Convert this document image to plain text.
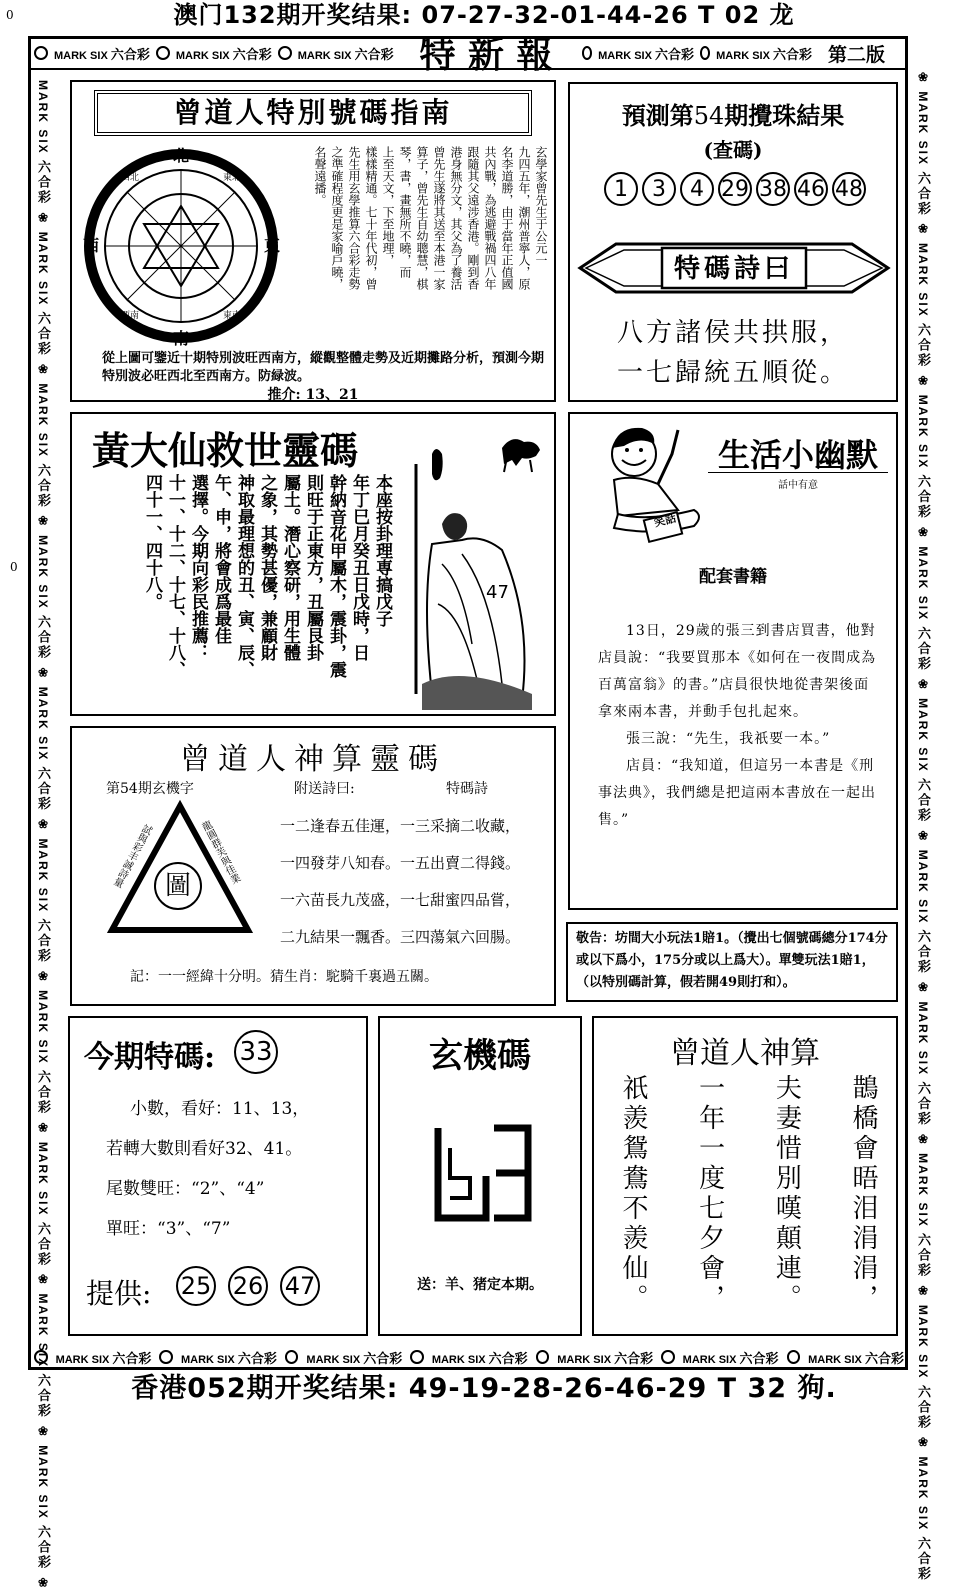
澳门132期开奖结果: 07-27-32-01-44-26 T 02 龙
香港052期开奖结果: 49-19-28-26-46-29 T 32 狗.
0
0
MARK SIX 六合彩 MARK SIX 六合彩 MARK SIX 六合彩 特 新 報	MARK SIX 六合彩 MARK SIX 六合彩 第二版
MARK SIX 六合彩 ❀ MARK SIX 六合彩 ❀ MARK SIX 六合彩 ❀ MARK SIX 六合彩 ❀ MARK SIX 六合彩 ❀ MARK SIX 六合彩 ❀ MARK SIX 六合彩 ❀ MARK SIX 六合彩 ❀ MARK SIX 六合彩 ❀ MARK SIX 六合彩 ❀
❀ MARK SIX 六合彩 ❀ MARK SIX 六合彩 ❀ MARK SIX 六合彩 ❀ MARK SIX 六合彩 ❀ MARK SIX 六合彩 ❀ MARK SIX 六合彩 ❀ MARK SIX 六合彩 ❀ MARK SIX 六合彩 ❀ MARK SIX 六合彩 ❀ MARK SIX 六合彩
MARK SIX 六合彩	MARK SIX 六合彩	MARK SIX 六合彩	MARK SIX 六合彩	MARK SIX 六合彩	MARK SIX 六合彩	MARK SIX 六合彩
曾道人特別號碼指南
北
南
東
西
東北
西北
東南
西南
玄學家曾先生于公元一
九四五年，潮州普寧人，原
名李道勝，由于當年正值國
共內戰，為逃避戰禍四八年
跟隨其父遠涉香港。剛到香
港身無分文，其父為了養活
曾先生遂將其送至本港一家
算子，曾先生自幼聰慧，棋
琴，書，畫無所不曉，而
上至天文，下至地理，
樣樣精通。七十年代初，曾
先生用玄學推算六合彩走勢
之準確程度更是家喻戶曉，
名聲遠播。
從上圖可鑒近十期特別波旺西南方，縱觀整體走勢及近期攤路分析，預測今期特別波必旺西北至西南方。防緑波。
推介: 13、21
預測第54期攪珠結果
(查碼)
1 3 4 29 38 46 48
特碼詩曰
八方諸侯共拱服，
一七歸統五順從。
黃大仙救世靈碼
本座按卦理専搞戊子
年丁巳月癸丑日戊時，日
幹納音花甲屬木，震卦，震
則旺于正東方，丑屬艮卦
屬土。潛心察研，用生體
之象，其勢甚優，兼顧財
神取最理想的丑、寅、辰、
午、申，將會成爲最佳
選擇。今期向彩民推薦：
十一、十二、十七、十八、
四十一、四十八。	47
笑話
生活小幽默
話中有意
配套書籍
13日，29歲的張三到書店買書，他對店員說：“我要買那本《如何在一夜間成為百萬富翁》的書。”店員很快地從書架後面拿來兩本書，并動手包扎起來。
張三說：“先生，我祇要一本。”
店員：“我知道，但這另一本書是《刑事法典》，我們總是把這兩本書放在一起出售。”
曾道人神算靈碼
第54期玄機字	附送詩曰:	特碼詩
圖
試與彩丰誠詩量	龍圓群芙與佳業	一二逢春五佳運，一三采摘二收藏，
一四發芽八知春。一五出賣二得錢。
一六苗長九茂盛，一七甜蜜四品嘗，
二九結果一飄香。三四蕩氣六回腸。
記：一一經緯十分明。猜生肖：駝騎千裏過五關。
敬告：坊間大小玩法1賠1。（攪出七個號碼總分174分或以下爲小，175分或以上爲大）。單雙玩法1賠1，（以特別碼計算，假若開49則打和）。
今期特碼: 33
小數，看好：11、13，
若轉大數則看好32、41。
尾數雙旺：“2”、“4”
單旺：“3”、“7”
提供: 25 26 47
玄機碼
送：羊、猪定本期。
曾道人神算
鵲橋會晤泪涓涓，
夫妻惜別嘆顛連。
一年一度七夕會，
祇羨鴛鴦不羨仙。
